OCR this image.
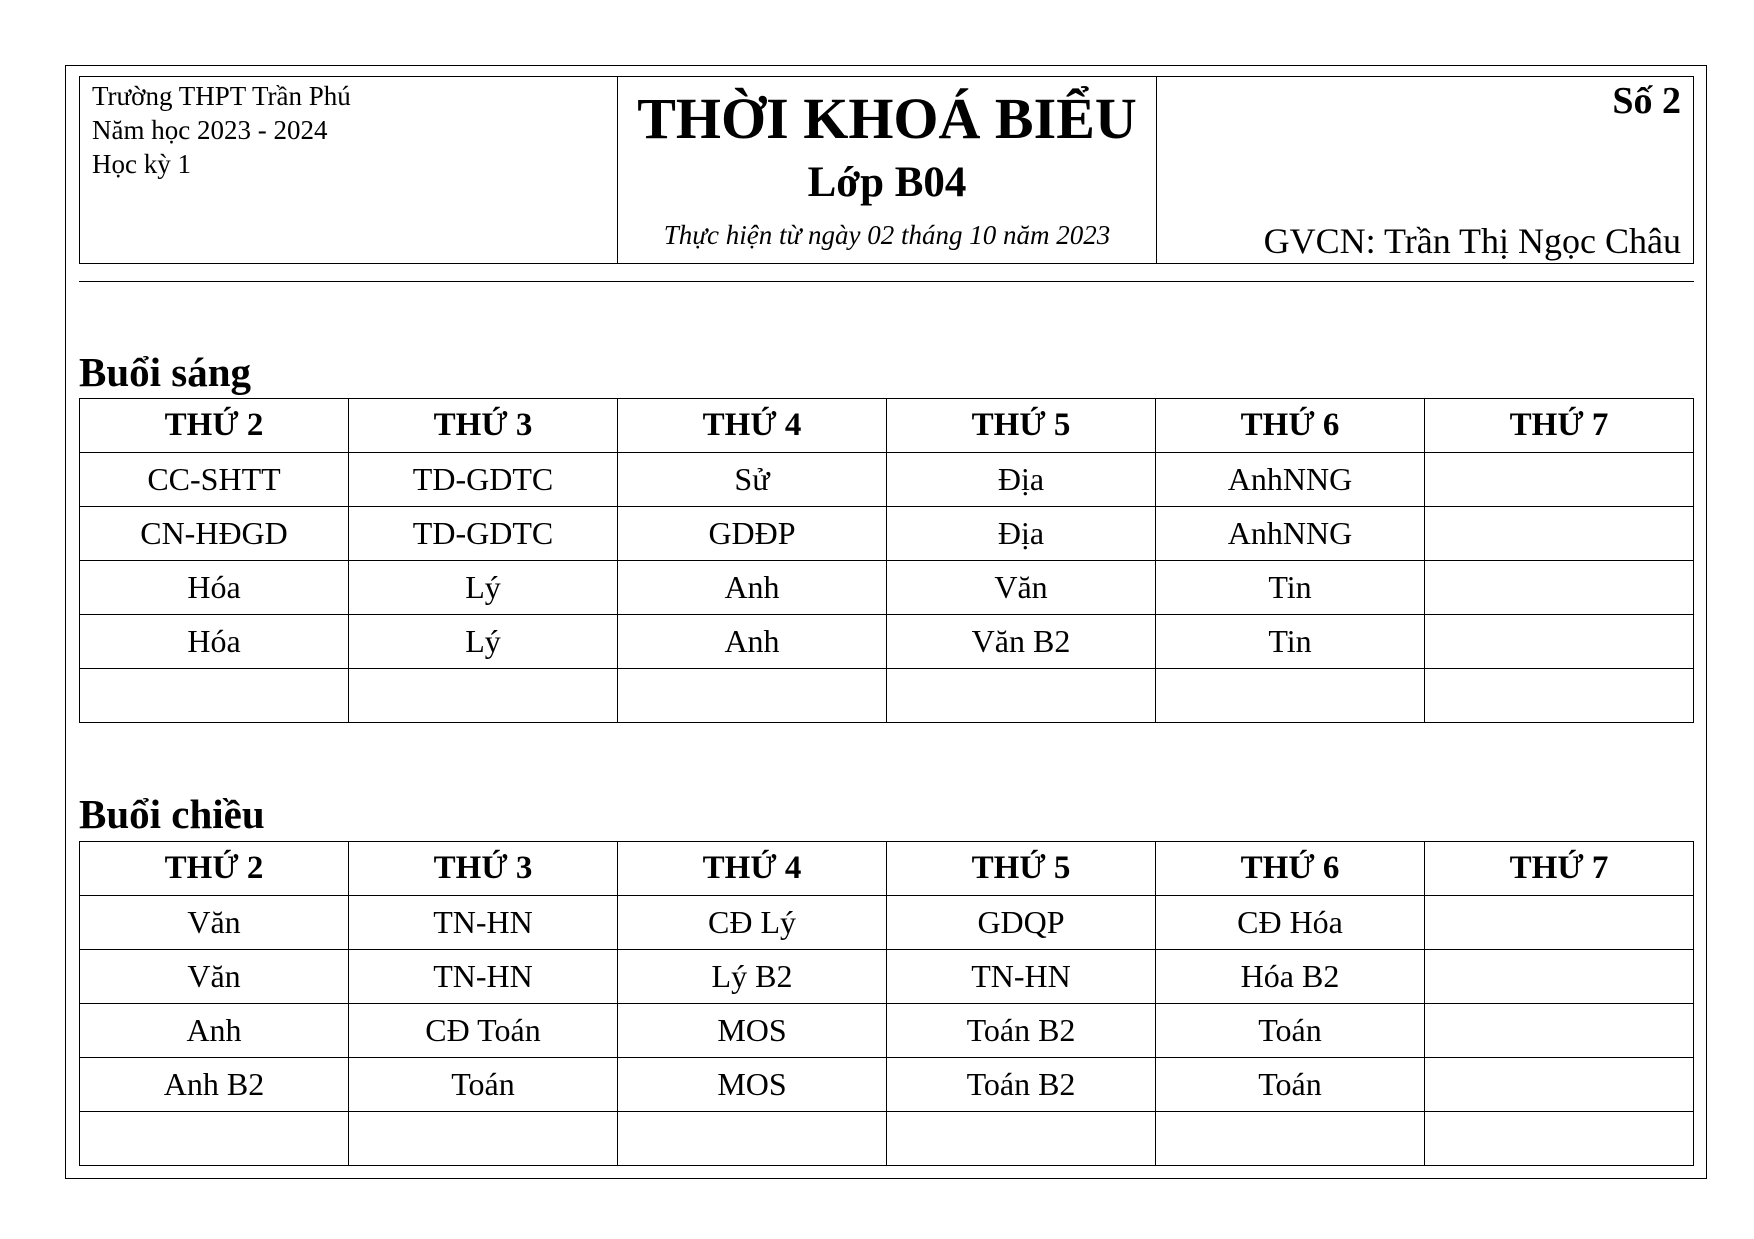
Trường THPT Trần Phú
Năm học 2023 - 2024
Học kỳ 1
THỜI KHOÁ BIỂU
Lớp B04
Thực hiện từ ngày 02 tháng 10 năm 2023
Số 2
GVCN: Trần Thị Ngọc Châu
Buổi sáng
THỨ 2	THỨ 3	THỨ 4	THỨ 5	THỨ 6	THỨ 7
CC-SHTT	TD-GDTC	Sử	Địa	AnhNNG	
CN-HĐGD	TD-GDTC	GDĐP	Địa	AnhNNG	
Hóa	Lý	Anh	Văn	Tin	
Hóa	Lý	Anh	Văn B2	Tin	

Buổi chiều
THỨ 2	THỨ 3	THỨ 4	THỨ 5	THỨ 6	THỨ 7
Văn	TN-HN	CĐ Lý	GDQP	CĐ Hóa	
Văn	TN-HN	Lý B2	TN-HN	Hóa B2	
Anh	CĐ Toán	MOS	Toán B2	Toán	
Anh B2	Toán	MOS	Toán B2	Toán	
